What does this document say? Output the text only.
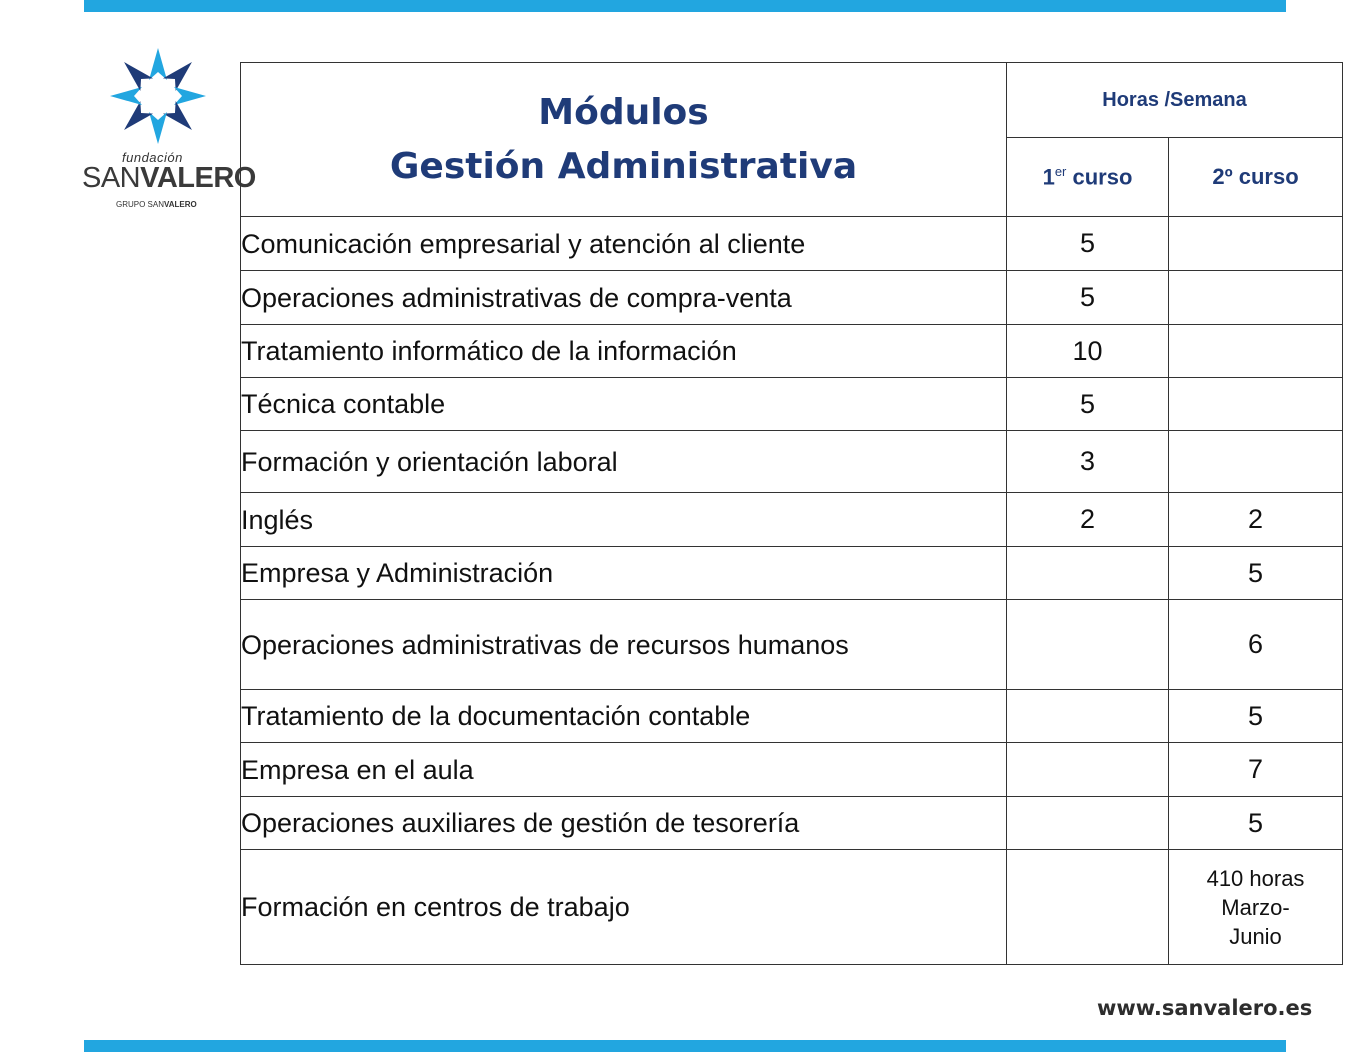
fundación
SANVALERO
GRUPO SANVALERO
Módulos
Gestión Administrativa	Horas /Semana	
	1er curso	2º curso
Comunicación empresarial y atención al cliente	5	
Operaciones administrativas de compra-venta	5	
Tratamiento informático de la información	10	
Técnica contable	5	
Formación y orientación laboral	3	
Inglés	2	2
Empresa y Administración		5
Operaciones administrativas de recursos humanos		6
Tratamiento de la documentación contable		5
Empresa en el aula		7
Operaciones auxiliares de gestión de tesorería		5
Formación en centros de trabajo		410 horas
Marzo-
Junio
www.sanvalero.es
